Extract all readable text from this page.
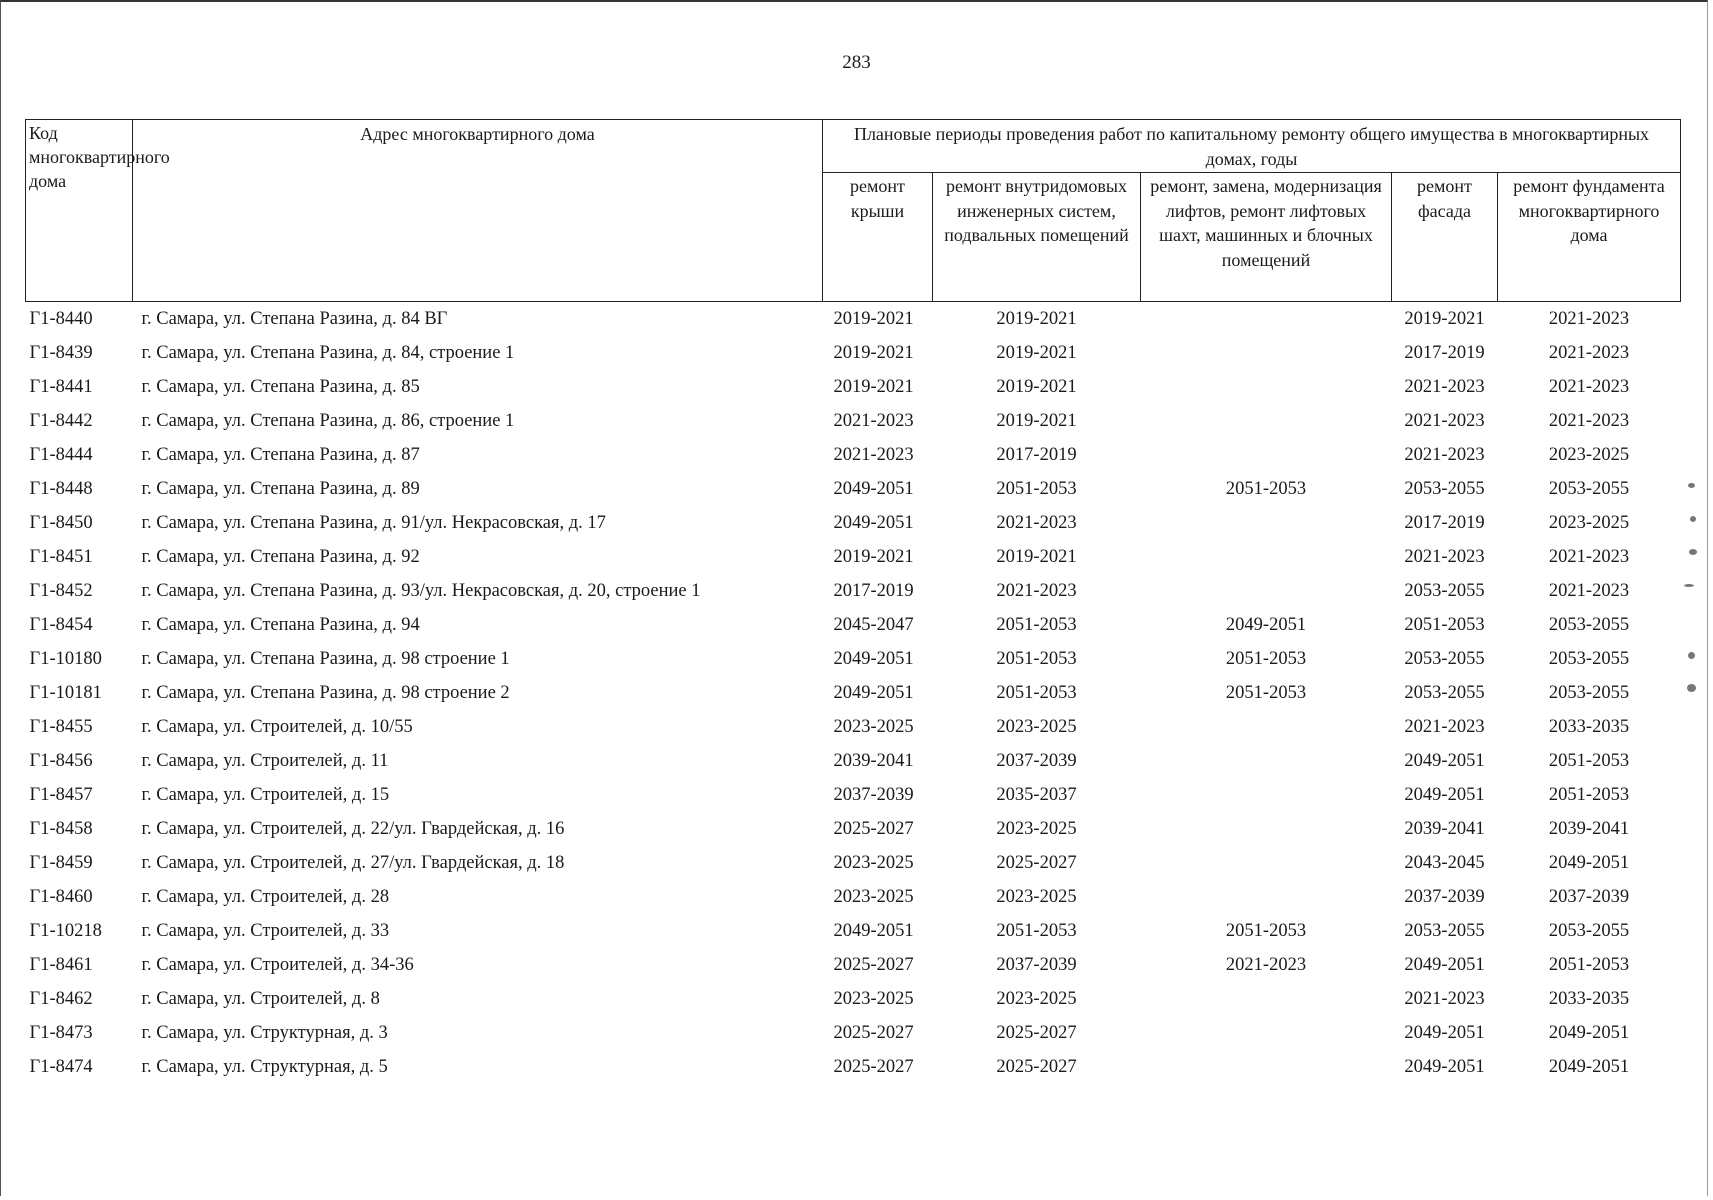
283
Код многоквартирного дома	Адрес многоквартирного дома	Плановые периоды проведения работ по капитальному ремонту общего имущества в многоквартирных домах, годы				
		ремонт крыши	ремонт внутридомовых инженерных систем, подвальных помещений	ремонт, замена, модернизация лифтов, ремонт лифтовых шахт, машинных и блочных помещений	ремонт фасада	ремонт фундамента многоквартирного дома
Г1-8440	г. Самара, ул. Степана Разина, д. 84 ВГ	2019-2021	2019-2021		2019-2021	2021-2023
Г1-8439	г. Самара, ул. Степана Разина, д. 84, строение 1	2019-2021	2019-2021		2017-2019	2021-2023
Г1-8441	г. Самара, ул. Степана Разина, д. 85	2019-2021	2019-2021		2021-2023	2021-2023
Г1-8442	г. Самара, ул. Степана Разина, д. 86, строение 1	2021-2023	2019-2021		2021-2023	2021-2023
Г1-8444	г. Самара, ул. Степана Разина, д. 87	2021-2023	2017-2019		2021-2023	2023-2025
Г1-8448	г. Самара, ул. Степана Разина, д. 89	2049-2051	2051-2053	2051-2053	2053-2055	2053-2055
Г1-8450	г. Самара, ул. Степана Разина, д. 91/ул. Некрасовская, д. 17	2049-2051	2021-2023		2017-2019	2023-2025
Г1-8451	г. Самара, ул. Степана Разина, д. 92	2019-2021	2019-2021		2021-2023	2021-2023
Г1-8452	г. Самара, ул. Степана Разина, д. 93/ул. Некрасовская, д. 20, строение 1	2017-2019	2021-2023		2053-2055	2021-2023
Г1-8454	г. Самара, ул. Степана Разина, д. 94	2045-2047	2051-2053	2049-2051	2051-2053	2053-2055
Г1-10180	г. Самара, ул. Степана Разина, д. 98 строение 1	2049-2051	2051-2053	2051-2053	2053-2055	2053-2055
Г1-10181	г. Самара, ул. Степана Разина, д. 98 строение 2	2049-2051	2051-2053	2051-2053	2053-2055	2053-2055
Г1-8455	г. Самара, ул. Строителей, д. 10/55	2023-2025	2023-2025		2021-2023	2033-2035
Г1-8456	г. Самара, ул. Строителей, д. 11	2039-2041	2037-2039		2049-2051	2051-2053
Г1-8457	г. Самара, ул. Строителей, д. 15	2037-2039	2035-2037		2049-2051	2051-2053
Г1-8458	г. Самара, ул. Строителей, д. 22/ул. Гвардейская, д. 16	2025-2027	2023-2025		2039-2041	2039-2041
Г1-8459	г. Самара, ул. Строителей, д. 27/ул. Гвардейская, д. 18	2023-2025	2025-2027		2043-2045	2049-2051
Г1-8460	г. Самара, ул. Строителей, д. 28	2023-2025	2023-2025		2037-2039	2037-2039
Г1-10218	г. Самара, ул. Строителей, д. 33	2049-2051	2051-2053	2051-2053	2053-2055	2053-2055
Г1-8461	г. Самара, ул. Строителей, д. 34-36	2025-2027	2037-2039	2021-2023	2049-2051	2051-2053
Г1-8462	г. Самара, ул. Строителей, д. 8	2023-2025	2023-2025		2021-2023	2033-2035
Г1-8473	г. Самара, ул. Структурная, д. 3	2025-2027	2025-2027		2049-2051	2049-2051
Г1-8474	г. Самара, ул. Структурная, д. 5	2025-2027	2025-2027		2049-2051	2049-2051
